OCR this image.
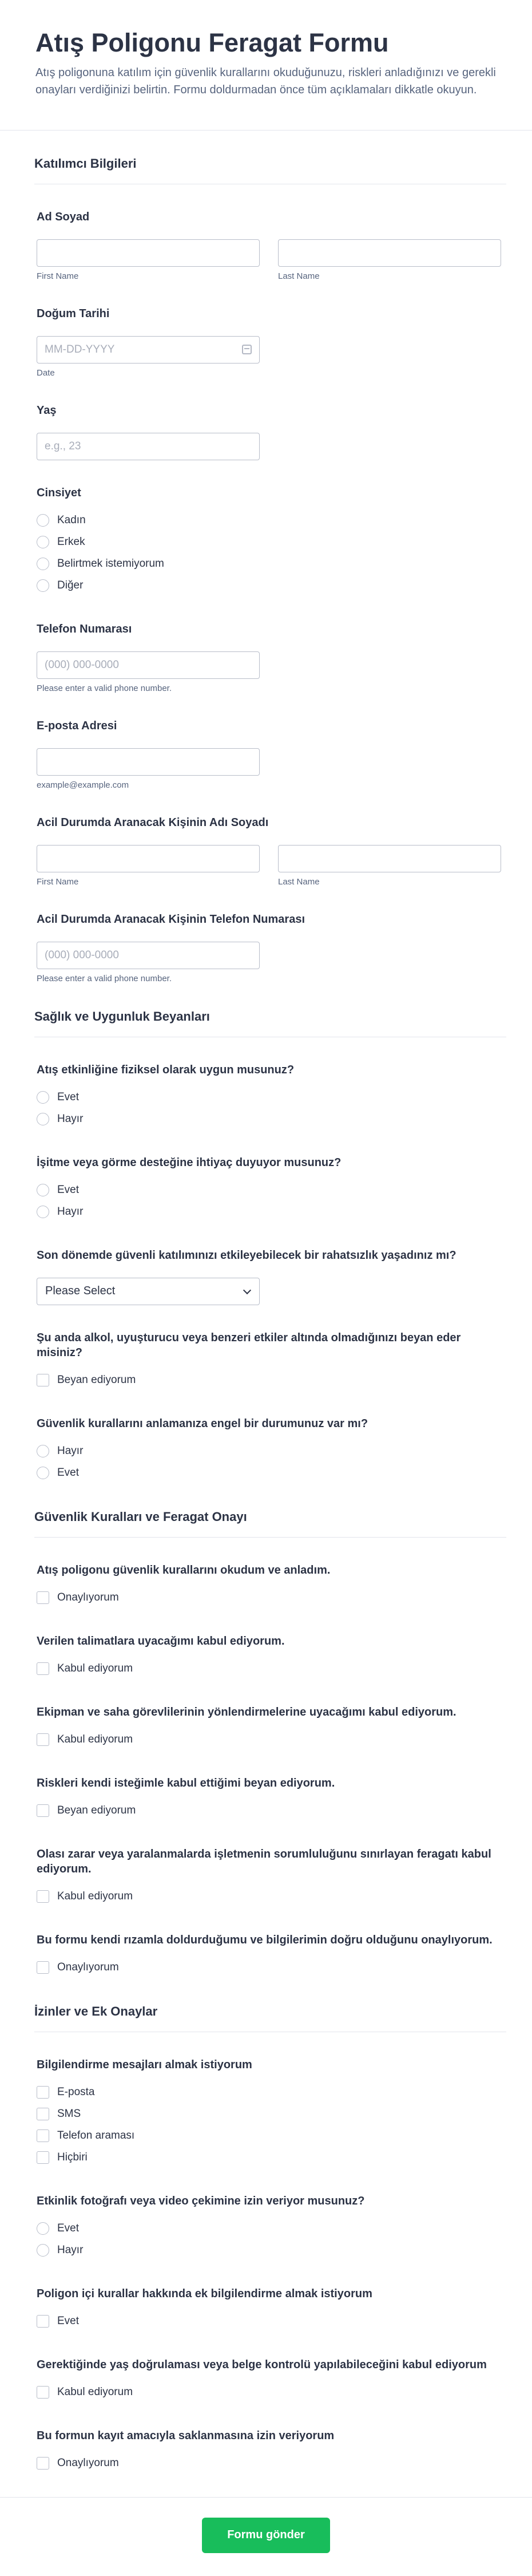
Atış Poligonu Feragat Formu

Atış poligonuna katılım için güvenlik kurallarını okuduğunuzu, riskleri anladığınızı ve gerekli onayları verdiğinizi belirtin. Formu doldurmadan önce tüm açıklamaları dikkatle okuyun.

Katılımcı Bilgileri
Ad Soyad
First Name	Last Name
Doğum Tarihi
MM-DD-YYYY
Date
Yaş
e.g., 23
Cinsiyet
Kadın
Erkek
Belirtmek istemiyorum
Diğer
Telefon Numarası
(000) 000-0000
Please enter a valid phone number.
E-posta Adresi
example@example.com
Acil Durumda Aranacak Kişinin Adı Soyadı
First Name	Last Name
Acil Durumda Aranacak Kişinin Telefon Numarası
(000) 000-0000
Please enter a valid phone number.
Sağlık ve Uygunluk Beyanları
Atış etkinliğine fiziksel olarak uygun musunuz?
Evet
Hayır
İşitme veya görme desteğine ihtiyaç duyuyor musunuz?
Evet
Hayır
Son dönemde güvenli katılımınızı etkileyebilecek bir rahatsızlık yaşadınız mı?
Please Select
Şu anda alkol, uyuşturucu veya benzeri etkiler altında olmadığınızı beyan eder misiniz?
Beyan ediyorum
Güvenlik kurallarını anlamanıza engel bir durumunuz var mı?
Hayır
Evet
Güvenlik Kuralları ve Feragat Onayı
Atış poligonu güvenlik kurallarını okudum ve anladım.
Onaylıyorum
Verilen talimatlara uyacağımı kabul ediyorum.
Kabul ediyorum
Ekipman ve saha görevlilerinin yönlendirmelerine uyacağımı kabul ediyorum.
Kabul ediyorum
Riskleri kendi isteğimle kabul ettiğimi beyan ediyorum.
Beyan ediyorum
Olası zarar veya yaralanmalarda işletmenin sorumluluğunu sınırlayan feragatı kabul ediyorum.
Kabul ediyorum
Bu formu kendi rızamla doldurduğumu ve bilgilerimin doğru olduğunu onaylıyorum.
Onaylıyorum
İzinler ve Ek Onaylar
Bilgilendirme mesajları almak istiyorum
E-posta
SMS
Telefon araması
Hiçbiri
Etkinlik fotoğrafı veya video çekimine izin veriyor musunuz?
Evet
Hayır
Poligon içi kurallar hakkında ek bilgilendirme almak istiyorum
Evet
Gerektiğinde yaş doğrulaması veya belge kontrolü yapılabileceğini kabul ediyorum
Kabul ediyorum
Bu formun kayıt amacıyla saklanmasına izin veriyorum
Onaylıyorum
Formu gönder
